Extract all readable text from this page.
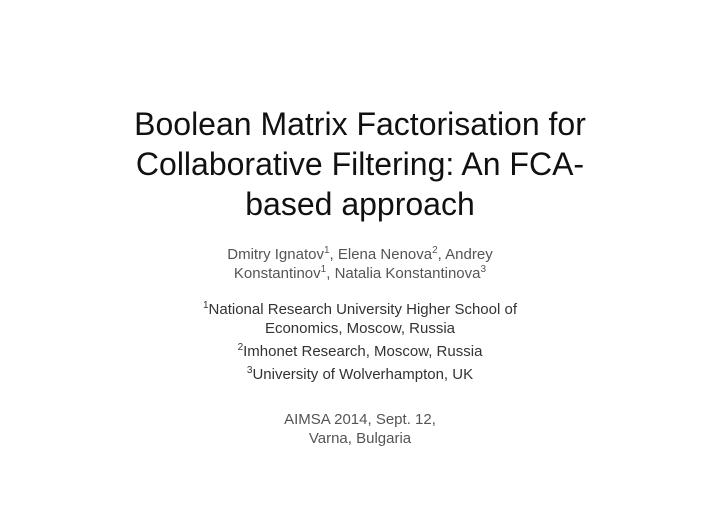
Boolean Matrix Factorisation for
Collaborative Filtering: An FCA-
based approach
Dmitry Ignatov$^1$, Elena Nenova$^2$, Andrey
Konstantinov$^1$, Natalia Konstantinova$^3$
$^1$National Research University Higher School of
Economics, Moscow, Russia
$^2$Imhonet Research, Moscow, Russia
$^3$University of Wolverhampton, UK
AIMSA 2014, Sept. 12,
Varna, Bulgaria
